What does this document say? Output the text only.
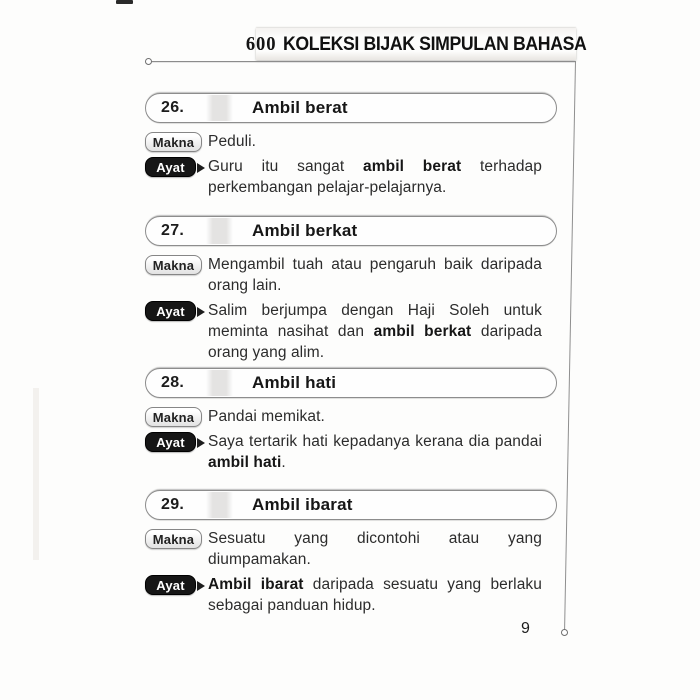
600 KOLEKSI BIJAK SIMPULAN BAHASA
26.	Ambil berat
Makna Peduli.

Ayat Guru itu sangat ambil berat terhadap perkembangan pelajar-pelajarnya.

27.	Ambil berkat
Makna Mengambil tuah atau pengaruh baik daripada orang lain.

Ayat Salim berjumpa dengan Haji Soleh untuk meminta nasihat dan ambil berkat daripada orang yang alim.

28.	Ambil hati
Makna Pandai memikat.

Ayat Saya tertarik hati kepadanya kerana dia pandai ambil hati.

29.	Ambil ibarat
Makna Sesuatu yang dicontohi atau yang diumpamakan.

Ayat Ambil ibarat daripada sesuatu yang berlaku sebagai panduan hidup.

9
